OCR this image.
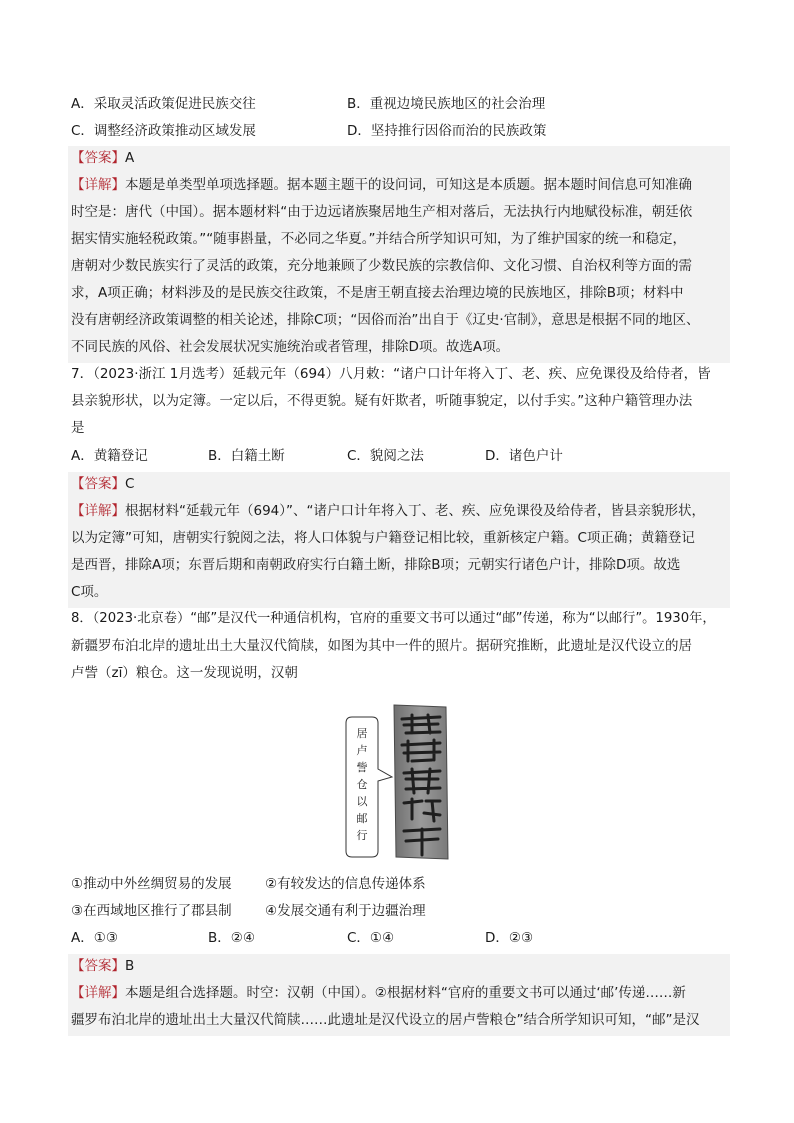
A．采取灵活政策促进民族交往	B．重视边境民族地区的社会治理
C．调整经济政策推动区域发展	D．坚持推行因俗而治的民族政策
【答案】A
【详解】本题是单类型单项选择题。据本题主题干的设问词，可知这是本质题。据本题时间信息可知准确
时空是：唐代（中国）。据本题材料“由于边远诸族聚居地生产相对落后，无法执行内地赋役标准，朝廷依
据实情实施轻税政策。”“随事斟量，不必同之华夏。”并结合所学知识可知，为了维护国家的统一和稳定，
唐朝对少数民族实行了灵活的政策，充分地兼顾了少数民族的宗教信仰、文化习惯、自治权利等方面的需
求，A项正确；材料涉及的是民族交往政策，不是唐王朝直接去治理边境的民族地区，排除B项；材料中
没有唐朝经济政策调整的相关论述，排除C项；“因俗而治”出自于《辽史·官制》，意思是根据不同的地区、
不同民族的风俗、社会发展状况实施统治或者管理，排除D项。故选A项。
7．（2023·浙江 1月选考）延载元年（694）八月敕：“诸户口计年将入丁、老、疾、应免课役及给侍者，皆
县亲貌形状，以为定簿。一定以后，不得更貌。疑有奸欺者，听随事貌定，以付手实。”这种户籍管理办法
是
A．黄籍登记	B．白籍土断	C．貌阅之法	D．诸色户计
【答案】C
【详解】根据材料“延载元年（694）”、“诸户口计年将入丁、老、疾、应免课役及给侍者，皆县亲貌形状，
以为定簿”可知，唐朝实行貌阅之法，将人口体貌与户籍登记相比较，重新核定户籍。C项正确；黄籍登记
是西晋，排除A项；东晋后期和南朝政府实行白籍土断，排除B项；元朝实行诸色户计，排除D项。故选
C项。
8．（2023·北京卷）“邮”是汉代一种通信机构，官府的重要文书可以通过“邮”传递，称为“以邮行”。1930年，
新疆罗布泊北岸的遗址出土大量汉代简牍，如图为其中一件的照片。据研究推断，此遗址是汉代设立的居
卢訾（zī）粮仓。这一发现说明，汉朝
居卢訾仓以邮行
①推动中外丝绸贸易的发展 ②有较发达的信息传递体系
③在西域地区推行了郡县制 ④发展交通有利于边疆治理
A．①③	B．②④	C．①④	D．②③
【答案】B
【详解】本题是组合选择题。时空：汉朝（中国）。②根据材料“官府的重要文书可以通过‘邮’传递……新
疆罗布泊北岸的遗址出土大量汉代简牍……此遗址是汉代设立的居卢訾粮仓”结合所学知识可知，“邮”是汉
